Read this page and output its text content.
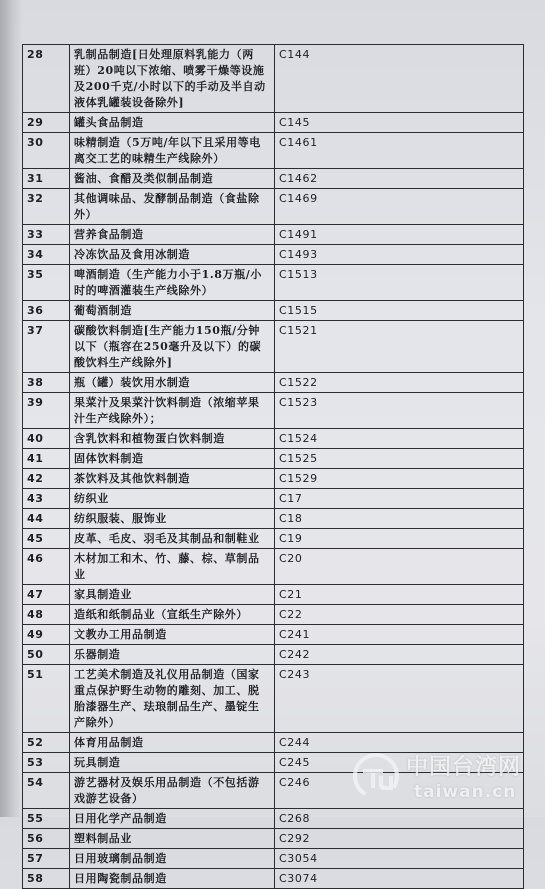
28	乳制品制造[日处理原料乳能力（两班）20吨以下浓缩、喷雾干燥等设施及200千克/小时以下的手动及半自动液体乳罐装设备除外]	C144
29	罐头食品制造	C145
30	味精制造（5万吨/年以下且采用等电离交工艺的味精生产线除外）	C1461
31	酱油、食醋及类似制品制造	C1462
32	其他调味品、发酵制品制造（食盐除外）	C1469
33	营养食品制造	C1491
34	冷冻饮品及食用冰制造	C1493
35	啤酒制造（生产能力小于1.8万瓶/小时的啤酒灌装生产线除外）	C1513
36	葡萄酒制造	C1515
37	碳酸饮料制造[生产能力150瓶/分钟以下（瓶容在250毫升及以下）的碳酸饮料生产线除外]	C1521
38	瓶（罐）装饮用水制造	C1522
39	果菜汁及果菜汁饮料制造（浓缩苹果汁生产线除外）；	C1523
40	含乳饮料和植物蛋白饮料制造	C1524
41	固体饮料制造	C1525
42	茶饮料及其他饮料制造	C1529
43	纺织业	C17
44	纺织服装、服饰业	C18
45	皮革、毛皮、羽毛及其制品和制鞋业	C19
46	木材加工和木、竹、藤、棕、草制品业	C20
47	家具制造业	C21
48	造纸和纸制品业（宣纸生产除外）	C22
49	文教办工用品制造	C241
50	乐器制造	C242
51	工艺美术制造及礼仪用品制造（国家重点保护野生动物的雕刻、加工、脱胎漆器生产、珐琅制品生产、墨锭生产除外）	C243
52	体育用品制造	C244
53	玩具制造	C245
54	游艺器材及娱乐用品制造（不包括游戏游艺设备）	C246
55	日用化学产品制造	C268
56	塑料制品业	C292
57	日用玻璃制品制造	C3054
58	日用陶瓷制品制造	C3074
中国台湾网
taiwan.cn
